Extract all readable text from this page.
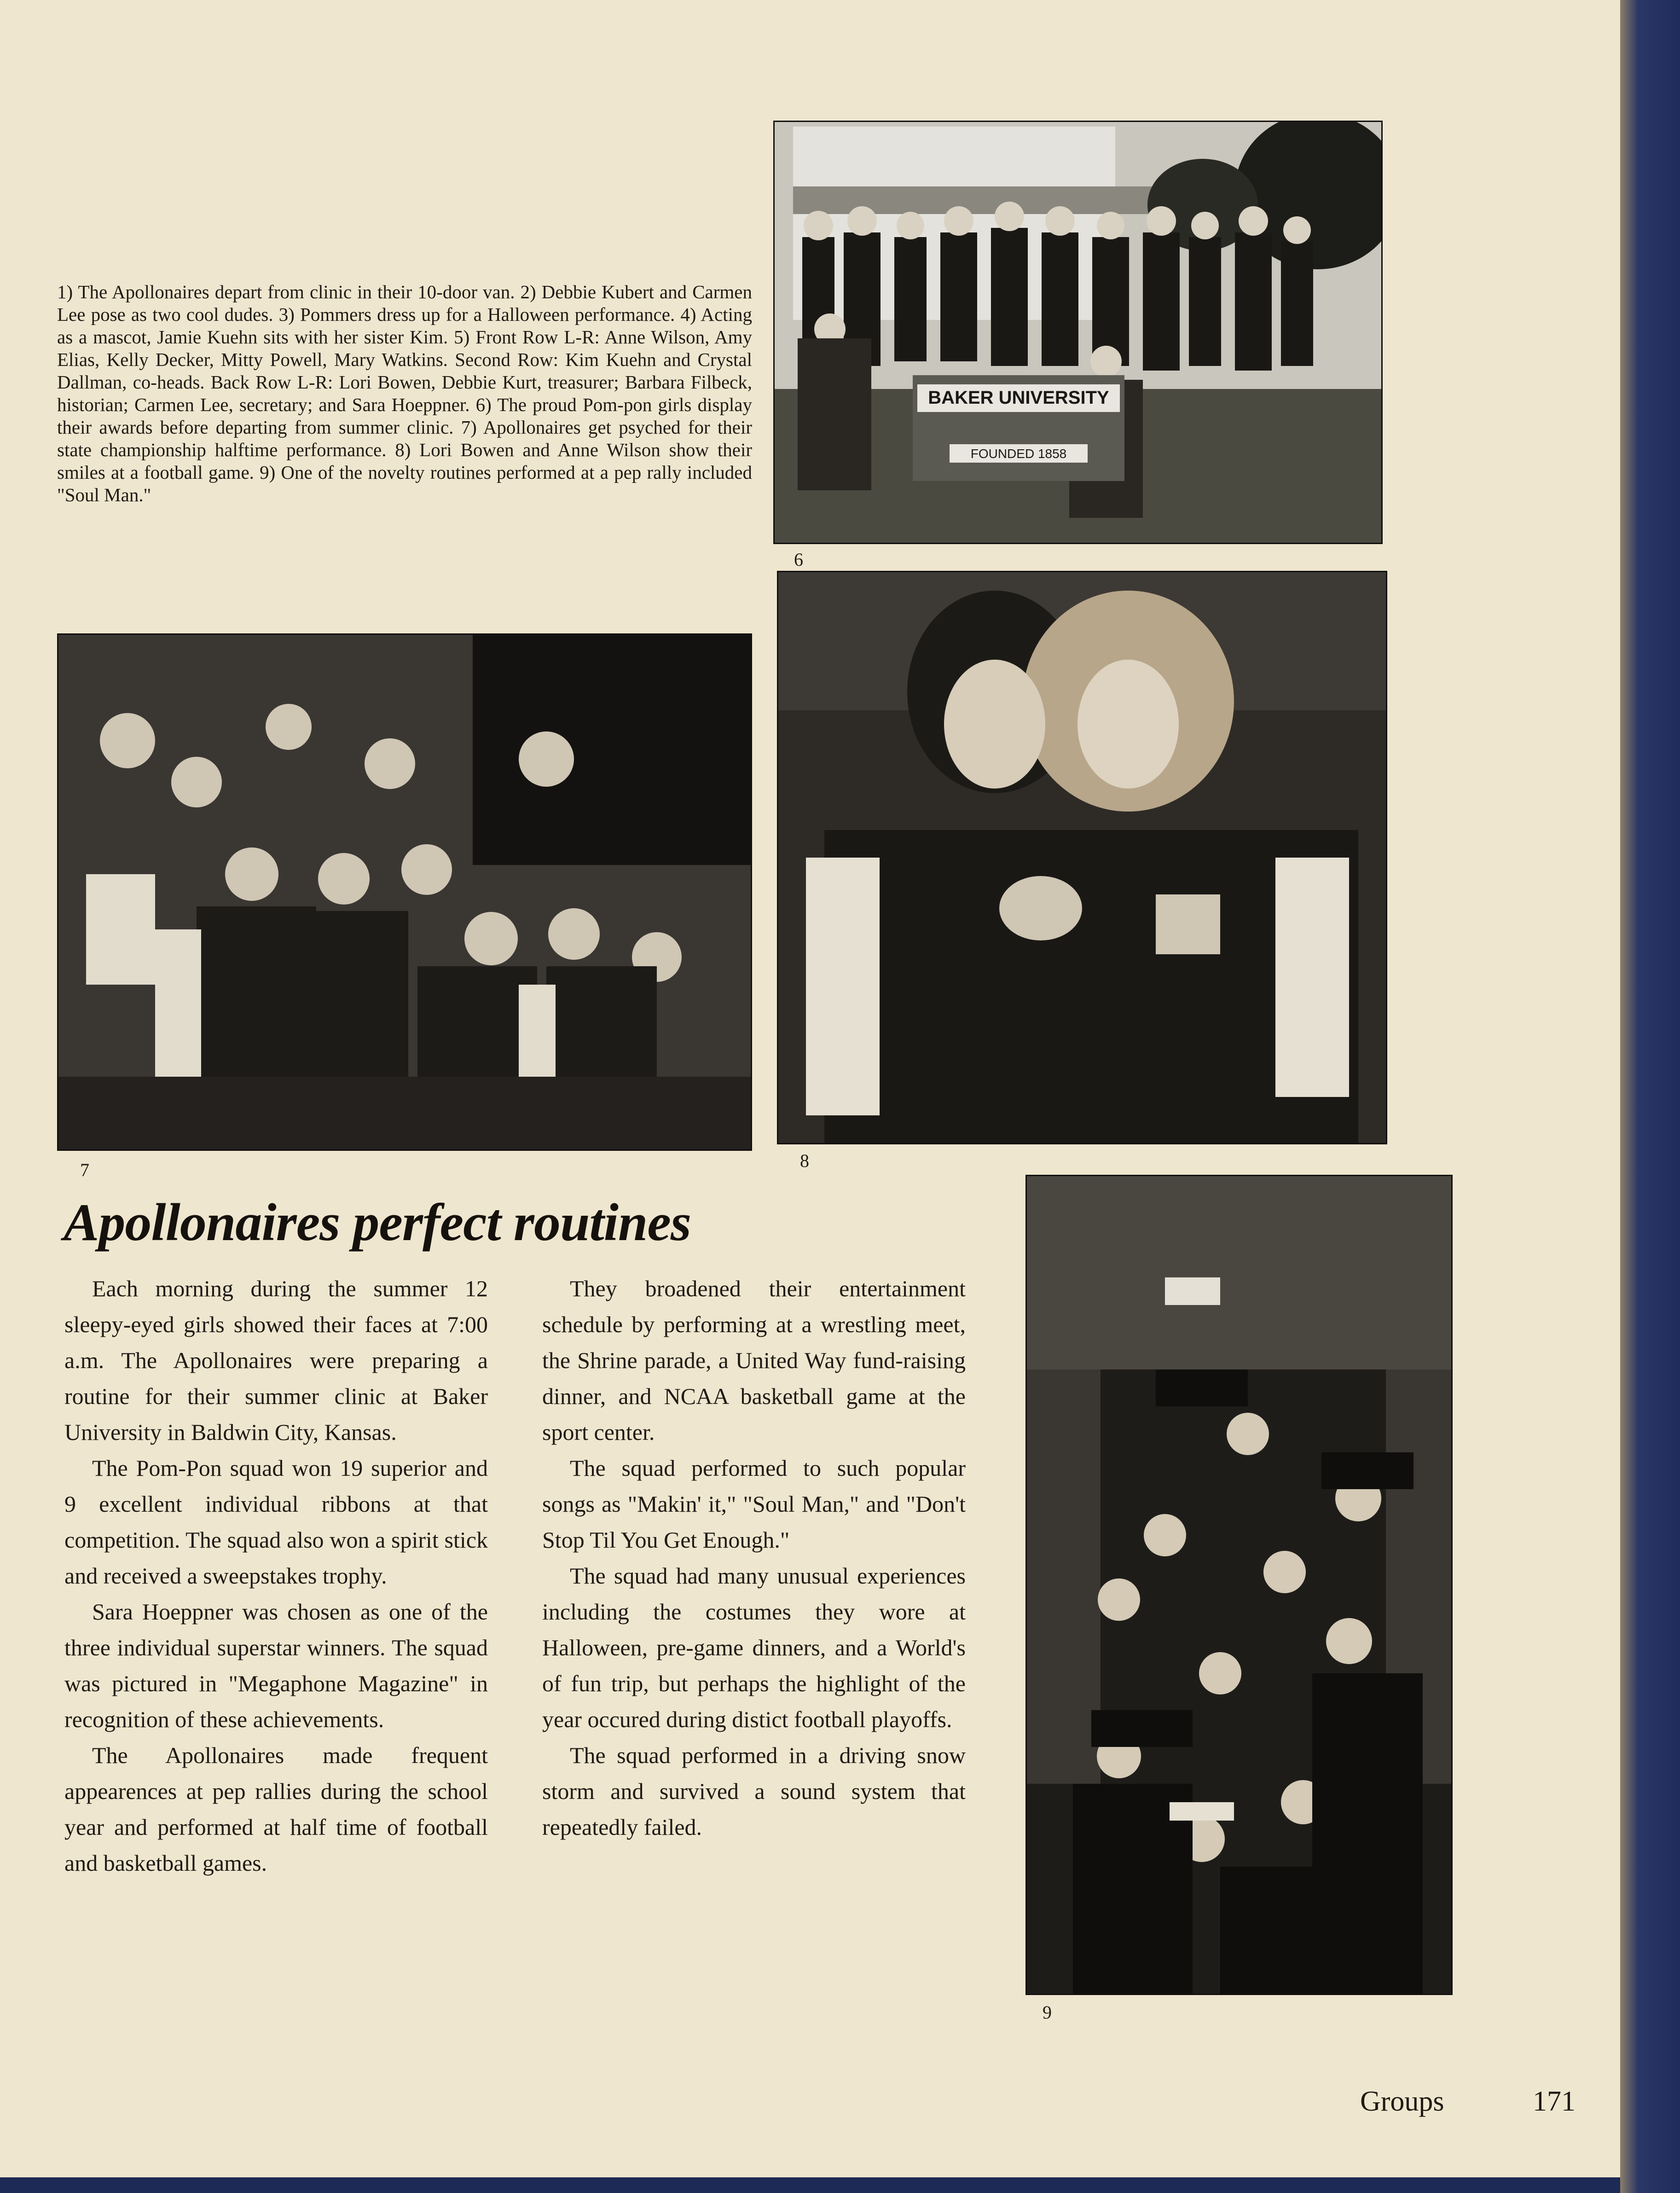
1) The Apollonaires depart from clinic in their 10-door van. 2) Debbie Kubert and Carmen Lee pose as two cool dudes. 3) Pommers dress up for a Halloween performance. 4) Acting as a mascot, Jamie Kuehn sits with her sister Kim. 5) Front Row L-R: Anne Wilson, Amy Elias, Kelly Decker, Mitty Powell, Mary Watkins. Second Row: Kim Kuehn and Crystal Dallman, co-heads. Back Row L-R: Lori Bowen, Debbie Kurt, treasurer; Barbara Filbeck, historian; Carmen Lee, secretary; and Sara Hoeppner. 6) The proud Pom-pon girls display their awards before departing from summer clinic. 7) Apollonaires get psyched for their state championship halftime performance. 8) Lori Bowen and Anne Wilson show their smiles at a football game. 9) One of the novelty routines performed at a pep rally included "Soul Man."

BAKER UNIVERSITY
FOUNDED 1858
6
7	8
Apollonaires perfect routines

Each morning during the summer 12 sleepy-eyed girls showed their faces at 7:00 a.m. The Apollonaires were preparing a routine for their summer clinic at Baker University in Baldwin City, Kansas.

The Pom-Pon squad won 19 superior and 9 excellent individual ribbons at that competition. The squad also won a spirit stick and received a sweepstakes trophy.

Sara Hoeppner was chosen as one of the three individual superstar winners. The squad was pictured in "Megaphone Magazine" in recognition of these achievements.

The Apollonaires made frequent appearences at pep rallies during the school year and performed at half time of football and basketball games.

They broadened their entertainment schedule by performing at a wrestling meet, the Shrine parade, a United Way fund-raising dinner, and NCAA basketball game at the sport center.

The squad performed to such popular songs as "Makin' it," "Soul Man," and "Don't Stop Til You Get Enough."

The squad had many unusual experiences including the costumes they wore at Halloween, pre-game dinners, and a World's of fun trip, but perhaps the highlight of the year occured during distict football playoffs.

The squad performed in a driving snow storm and survived a sound system that repeatedly failed.

9
Groups	171
